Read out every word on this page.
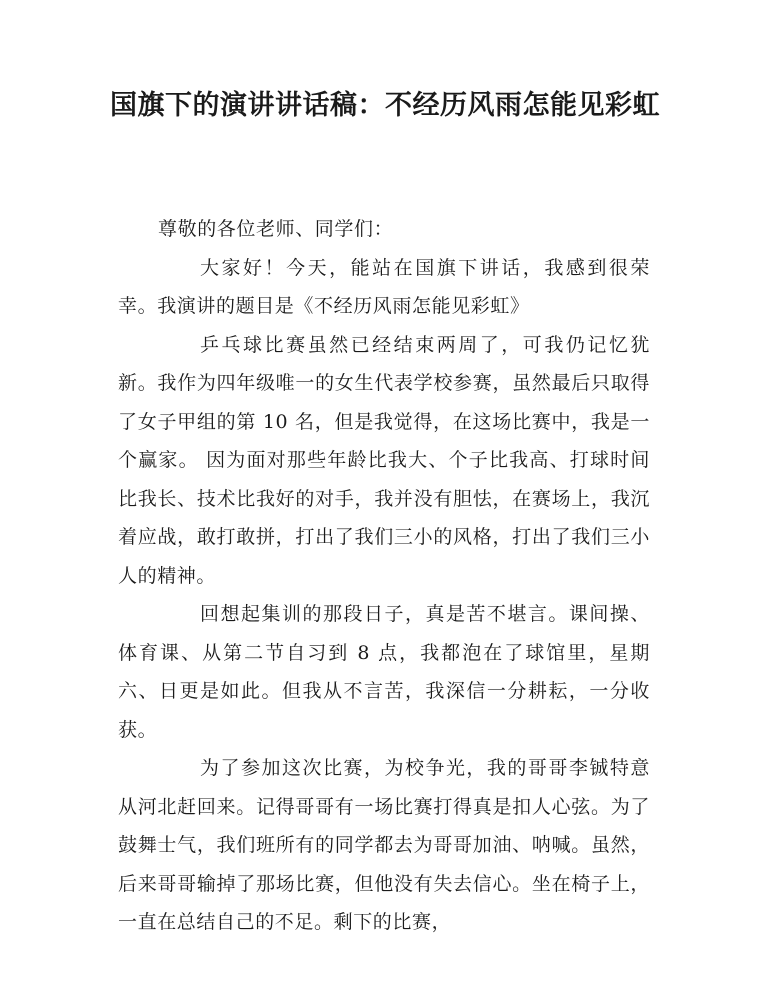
国旗下的演讲讲话稿：不经历风雨怎能见彩虹

尊敬的各位老师、同学们：

大家好！今天，能站在国旗下讲话，我感到很荣幸。我演讲的题目是《不经历风雨怎能见彩虹》

乒乓球比赛虽然已经结束两周了，可我仍记忆犹新。我作为四年级唯一的女生代表学校参赛，虽然最后只取得了女子甲组的第 10 名，但是我觉得，在这场比赛中，我是一个赢家。 因为面对那些年龄比我大、个子比我高、打球时间比我长、技术比我好的对手，我并没有胆怯，在赛场上，我沉着应战，敢打敢拼，打出了我们三小的风格，打出了我们三小人的精神。

回想起集训的那段日子，真是苦不堪言。课间操、体育课、从第二节自习到 8 点，我都泡在了球馆里，星期六、日更是如此。但我从不言苦，我深信一分耕耘，一分收获。

为了参加这次比赛，为校争光，我的哥哥李铖特意从河北赶回来。记得哥哥有一场比赛打得真是扣人心弦。为了鼓舞士气，我们班所有的同学都去为哥哥加油、呐喊。虽然，后来哥哥输掉了那场比赛，但他没有失去信心。坐在椅子上，一直在总结自己的不足。剩下的比赛，
